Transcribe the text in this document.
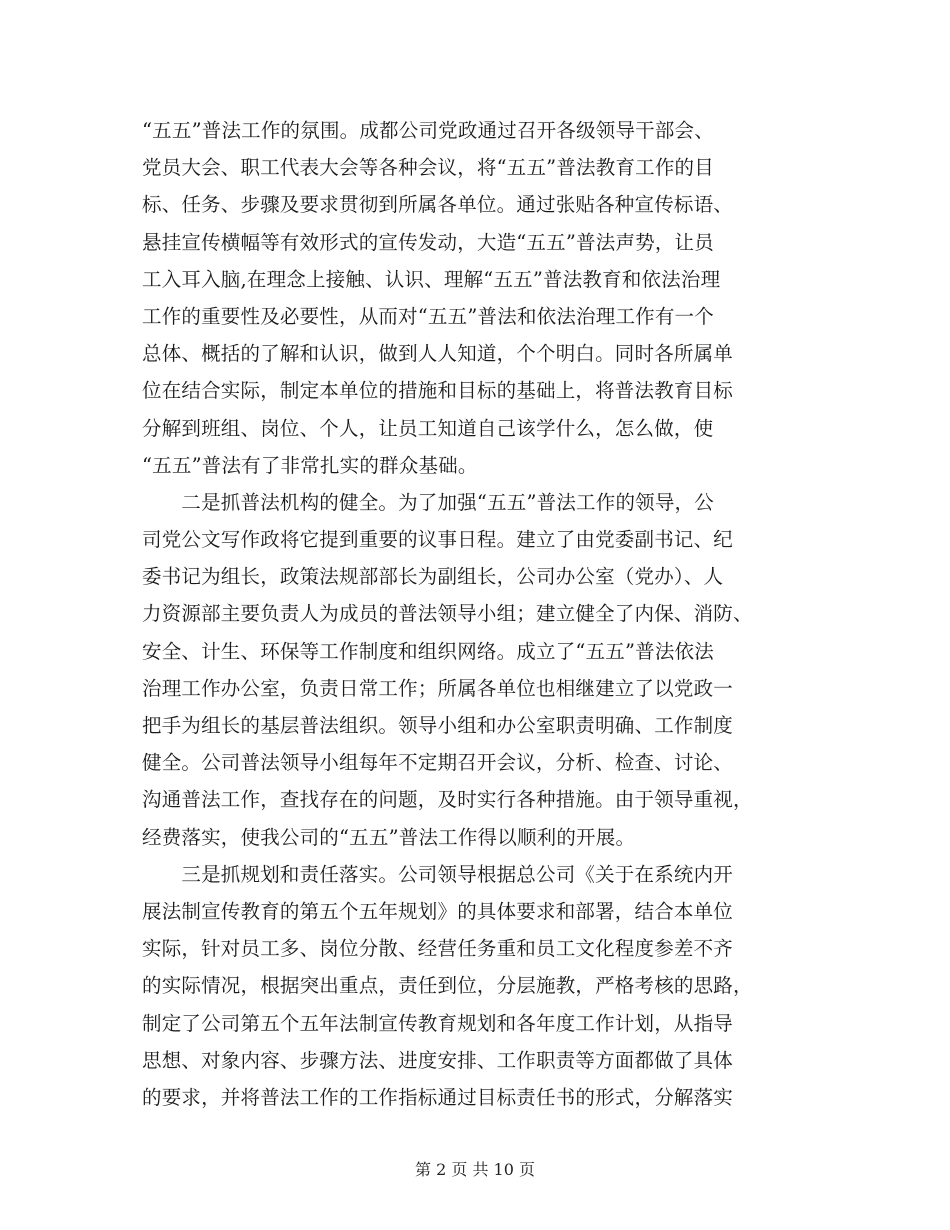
“五五”普法工作的氛围。成都公司党政通过召开各级领导干部会、
党员大会、职工代表大会等各种会议，将“五五”普法教育工作的目
标、任务、步骤及要求贯彻到所属各单位。通过张贴各种宣传标语、
悬挂宣传横幅等有效形式的宣传发动，大造“五五”普法声势，让员
工入耳入脑,在理念上接触、认识、理解“五五”普法教育和依法治理
工作的重要性及必要性，从而对“五五”普法和依法治理工作有一个
总体、概括的了解和认识，做到人人知道，个个明白。同时各所属单
位在结合实际，制定本单位的措施和目标的基础上，将普法教育目标
分解到班组、岗位、个人，让员工知道自己该学什么，怎么做，使
“五五”普法有了非常扎实的群众基础。
　　二是抓普法机构的健全。为了加强“五五”普法工作的领导，公
司党公文写作政将它提到重要的议事日程。建立了由党委副书记、纪
委书记为组长，政策法规部部长为副组长，公司办公室（党办）、人
力资源部主要负责人为成员的普法领导小组；建立健全了内保、消防、
安全、计生、环保等工作制度和组织网络。成立了“五五”普法依法
治理工作办公室，负责日常工作；所属各单位也相继建立了以党政一
把手为组长的基层普法组织。领导小组和办公室职责明确、工作制度
健全。公司普法领导小组每年不定期召开会议，分析、检查、讨论、
沟通普法工作，查找存在的问题，及时实行各种措施。由于领导重视，
经费落实，使我公司的“五五”普法工作得以顺利的开展。
　　三是抓规划和责任落实。公司领导根据总公司《关于在系统内开
展法制宣传教育的第五个五年规划》的具体要求和部署，结合本单位
实际，针对员工多、岗位分散、经营任务重和员工文化程度参差不齐
的实际情况，根据突出重点，责任到位，分层施教，严格考核的思路，
制定了公司第五个五年法制宣传教育规划和各年度工作计划，从指导
思想、对象内容、步骤方法、进度安排、工作职责等方面都做了具体
的要求，并将普法工作的工作指标通过目标责任书的形式，分解落实
第 2 页 共 10 页
